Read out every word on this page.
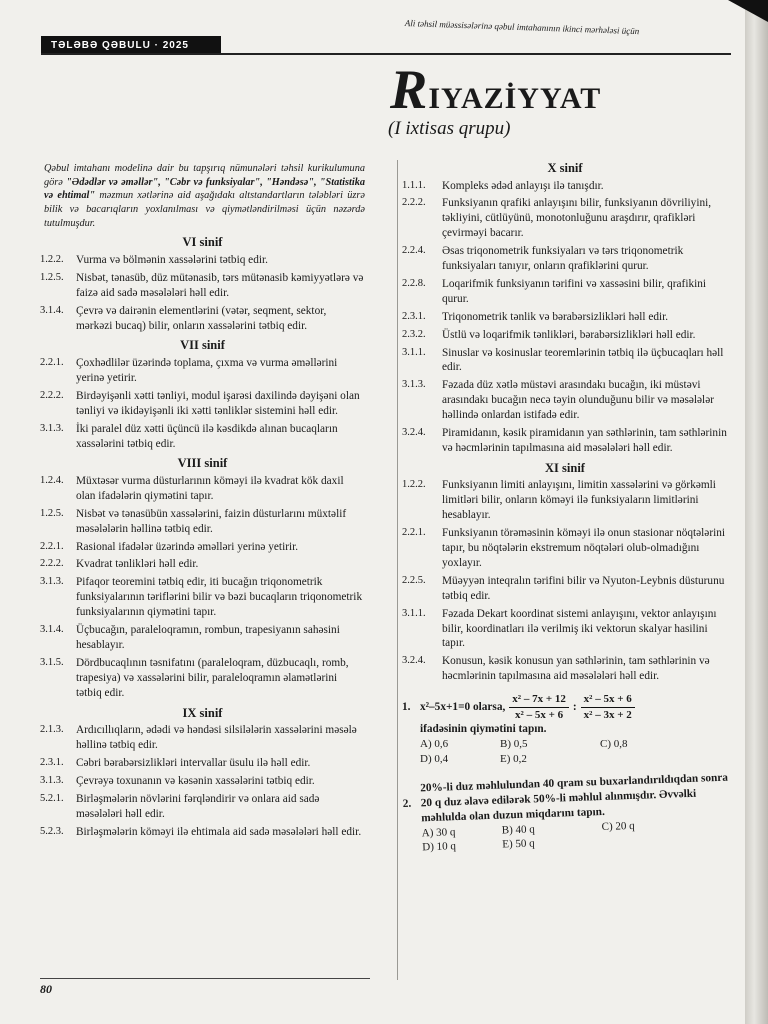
Ali təhsil müəssisələrinə qəbul imtahanının ikinci mərhələsi üçün
TƏLƏBƏ QƏBULU · 2025
RIYAZİYYAT
(I ixtisas qrupu)
Qəbul imtahanı modelinə dair bu tapşırıq nümunələri təhsil kurikulumuna görə "Ədədlər və əməllər", "Cəbr və funksiyalar", "Həndəsə", "Statistika və ehtimal" məzmun xətlərinə aid aşağıdakı altstandartların tələbləri üzrə bilik və bacarıqların yoxlanılması və qiymətləndirilməsi üçün nəzərdə tutulmuşdur.
VI sinif
1.2.2.	Vurma və bölmənin xassələrini tətbiq edir.
1.2.5.	Nisbət, tənasüb, düz mütənasib, tərs mütənasib kəmiyyətlərə və faizə aid sadə məsələləri həll edir.
3.1.4.	Çevrə və dairənin elementlərini (vətər, seqment, sektor, mərkəzi bucaq) bilir, onların xassələrini tətbiq edir.
VII sinif
2.2.1.	Çoxhədlilər üzərində toplama, çıxma və vurma əməllərini yerinə yetirir.
2.2.2.	Birdəyişənli xətti tənliyi, modul işarəsi daxilində dəyişəni olan tənliyi və ikidəyişənli iki xətti tənliklər sistemini həll edir.
3.1.3.	İki paralel düz xətti üçüncü ilə kəsdikdə alınan bucaqların xassələrini tətbiq edir.
VIII sinif
1.2.4.	Müxtəsər vurma düsturlarının köməyi ilə kvadrat kök daxil olan ifadələrin qiymətini tapır.
1.2.5.	Nisbət və tənasübün xassələrini, faizin düsturlarını müxtəlif məsələlərin həllinə tətbiq edir.
2.2.1.	Rasional ifadələr üzərində əməlləri yerinə yetirir.
2.2.2.	Kvadrat tənlikləri həll edir.
3.1.3.	Pifaqor teoremini tətbiq edir, iti bucağın triqonometrik funksiyalarının təriflərini bilir və bəzi bucaqların triqonometrik funksiyalarının qiymətini tapır.
3.1.4.	Üçbucağın, paraleloqramın, rombun, trapesiyanın sahəsini hesablayır.
3.1.5.	Dördbucaqlının təsnifatını (paraleloqram, düzbucaqlı, romb, trapesiya) və xassələrini bilir, paraleloqramın əlamətlərini tətbiq edir.
IX sinif
2.1.3.	Ardıcıllıqların, ədədi və həndəsi silsilələrin xassələrini məsələ həllinə tətbiq edir.
2.3.1.	Cəbri bərabərsizlikləri intervallar üsulu ilə həll edir.
3.1.3.	Çevrəyə toxunanın və kəsənin xassələrini tətbiq edir.
5.2.1.	Birləşmələrin növlərini fərqləndirir və onlara aid sadə məsələləri həll edir.
5.2.3.	Birləşmələrin köməyi ilə ehtimala aid sadə məsələləri həll edir.
X sinif
1.1.1.	Kompleks ədəd anlayışı ilə tanışdır.
2.2.2.	Funksiyanın qrafiki anlayışını bilir, funksiyanın dövriliyini, təkliyini, cütlüyünü, monotonluğunu araşdırır, qrafikləri çevirməyi bacarır.
2.2.4.	Əsas triqonometrik funksiyaları və tərs triqonometrik funksiyaları tanıyır, onların qrafiklərini qurur.
2.2.8.	Loqarifmik funksiyanın tərifini və xassəsini bilir, qrafikini qurur.
2.3.1.	Triqonometrik tənlik və bərabərsizlikləri həll edir.
2.3.2.	Üstlü və loqarifmik tənlikləri, bərabərsizlikləri həll edir.
3.1.1.	Sinuslar və kosinuslar teoremlərinin tətbiq ilə üçbucaqları həll edir.
3.1.3.	Fəzada düz xətlə müstəvi arasındakı bucağın, iki müstəvi arasındakı bucağın necə təyin olunduğunu bilir və məsələlər həllində onlardan istifadə edir.
3.2.4.	Piramidanın, kəsik piramidanın yan səthlərinin, tam səthlərinin və həcmlərinin tapılmasına aid məsələləri həll edir.
XI sinif
1.2.2.	Funksiyanın limiti anlayışını, limitin xassələrini və görkəmli limitləri bilir, onların köməyi ilə funksiyaların limitlərini hesablayır.
2.2.1.	Funksiyanın törəməsinin köməyi ilə onun stasionar nöqtələrini tapır, bu nöqtələrin ekstremum nöqtələri olub-olmadığını yoxlayır.
2.2.5.	Müəyyən inteqralın tərifini bilir və Nyuton-Leybnis düsturunu tətbiq edir.
3.1.1.	Fəzada Dekart koordinat sistemi anlayışını, vektor anlayışını bilir, koordinatları ilə verilmiş iki vektorun skalyar hasilini tapır.
3.2.4.	Konusun, kəsik konusun yan səthlərinin, tam səthlərinin və həcmlərinin tapılmasına aid məsələləri həll edir.
1. x²–5x+1=0 olarsa, $\frac{\text{x² – 7x + 12}}{\text{x² – 5x + 6}}$ : $\frac{\text{x² – 5x + 6}}{\text{x² – 3x + 2}}$
ifadəsinin qiymətini tapın.
A) 0,6	B) 0,5	C) 0,8
D) 0,4	E) 0,2
2.
20%-li duz məhlulundan 40 qram su buxarlandırıldıqdan sonra 20 q duz əlavə edilərək 50%-li məhlul alınmışdır. Əvvəlki məhlulda olan duzun miqdarını tapın.
A) 30 q	B) 40 q	C) 20 q
D) 10 q	E) 50 q
80
